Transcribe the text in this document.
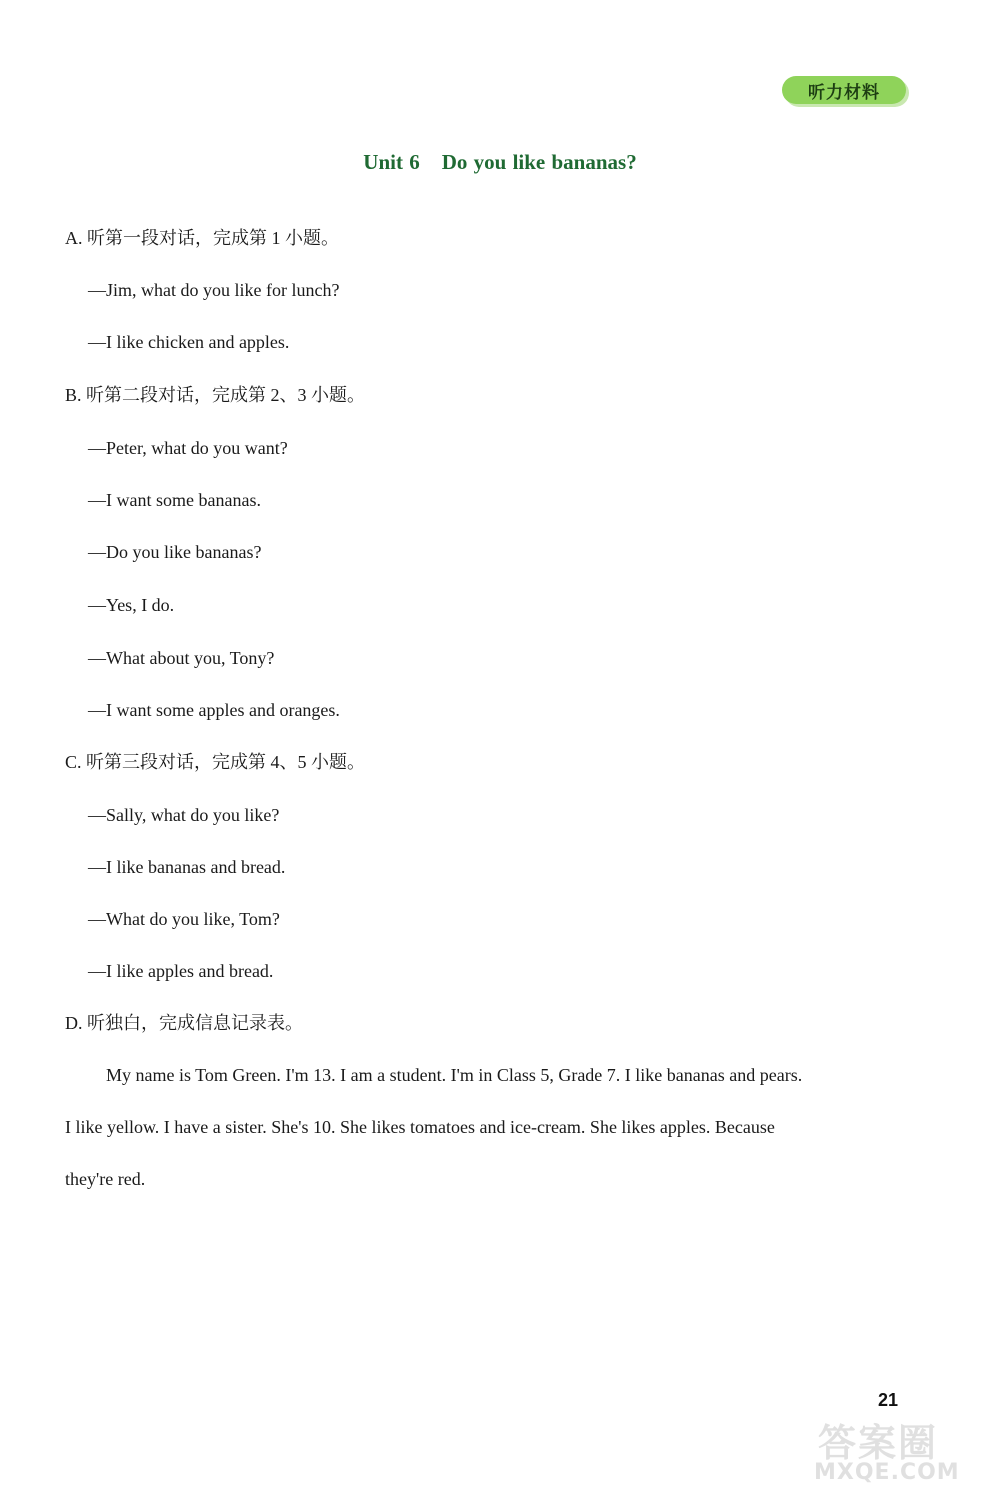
听力材料
Unit 6 Do you like bananas?
A. 听第一段对话，完成第 1 小题。
—Jim, what do you like for lunch?
—I like chicken and apples.
B. 听第二段对话，完成第 2、3 小题。
—Peter, what do you want?
—I want some bananas.
—Do you like bananas?
—Yes, I do.
—What about you, Tony?
—I want some apples and oranges.
C. 听第三段对话，完成第 4、5 小题。
—Sally, what do you like?
—I like bananas and bread.
—What do you like, Tom?
—I like apples and bread.
D. 听独白，完成信息记录表。
My name is Tom Green. I'm 13. I am a student. I'm in Class 5, Grade 7. I like bananas and pears.
I like yellow. I have a sister. She's 10. She likes tomatoes and ice-cream. She likes apples. Because
they're red.
21
答案圈
MXQE.COM
